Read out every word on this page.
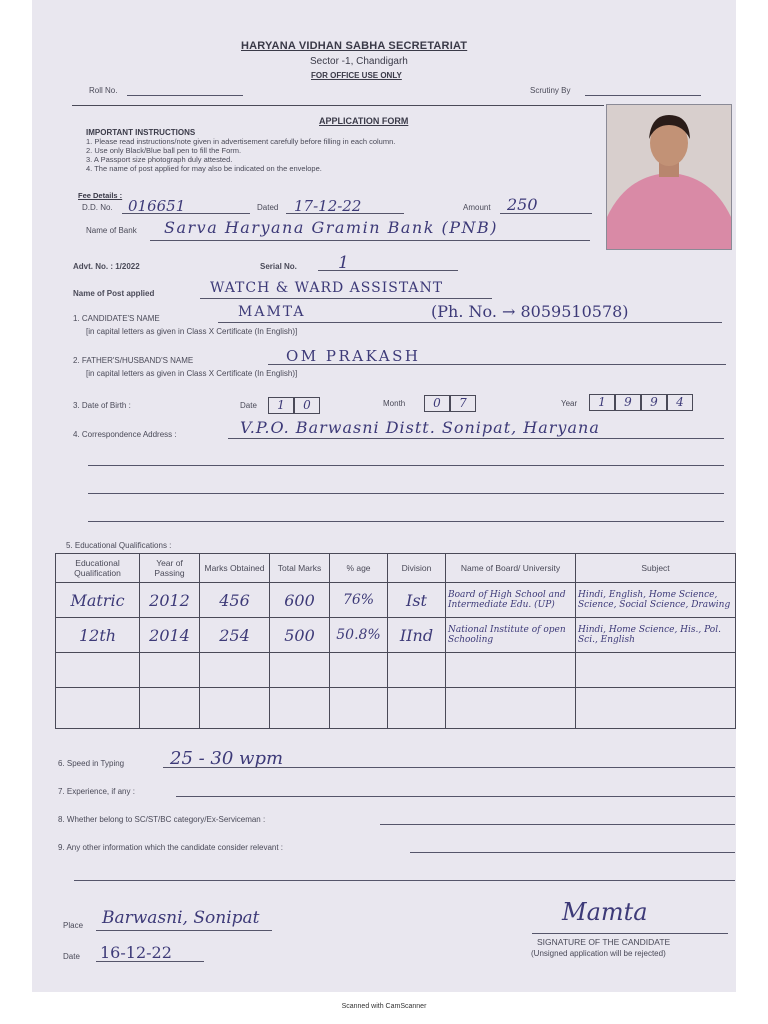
HARYANA VIDHAN SABHA SECRETARIAT
Sector -1, Chandigarh
FOR OFFICE USE ONLY
Roll No.	Scrutiny By
APPLICATION FORM
IMPORTANT INSTRUCTIONS
1. Please read instructions/note given in advertisement carefully before filling in each column.
2. Use only Black/Blue ball pen to fill the Form.
3. A Passport size photograph duly attested.
4. The name of post applied for may also be indicated on the envelope.
Fee Details :
D.D. No. 016651	Dated 17-12-22	Amount 250
Name of Bank Sarva Haryana Gramin Bank (PNB)
Advt. No. : 1/2022	Serial No. 1
Name of Post applied	WATCH & WARD ASSISTANT
1. CANDIDATE'S NAME	MAMTA	(Ph. No. → 8059510578)
[in capital letters as given in Class X Certificate (In English)]
2. FATHER'S/HUSBAND'S NAME	OM PRAKASH
[in capital letters as given in Class X Certificate (In English)]
3. Date of Birth :	Date	1	0	Month	0	7	Year	1	9	9	4
4. Correspondence Address :	V.P.O. Barwasni Distt. Sonipat, Haryana
5. Educational Qualifications :
Educational Qualification	Year of Passing	Marks Obtained	Total Marks	% age	Division	Name of Board/ University	Subject
Matric	2012	456	600	76%	Ist	Board of High School and Intermediate Edu. (UP)	Hindi, English, Home Science, Science, Social Science, Drawing
12th	2014	254	500	50.8%	IInd	National Institute of open Schooling	Hindi, Home Science, His., Pol. Sci., English

6. Speed in Typing	25 - 30 wpm
7. Experience, if any :
8. Whether belong to SC/ST/BC category/Ex-Serviceman :
9. Any other information which the candidate consider relevant :
Place Barwasni, Sonipat
Date 16-12-22
Mamta
SIGNATURE OF THE CANDIDATE
(Unsigned application will be rejected)
Scanned with CamScanner
